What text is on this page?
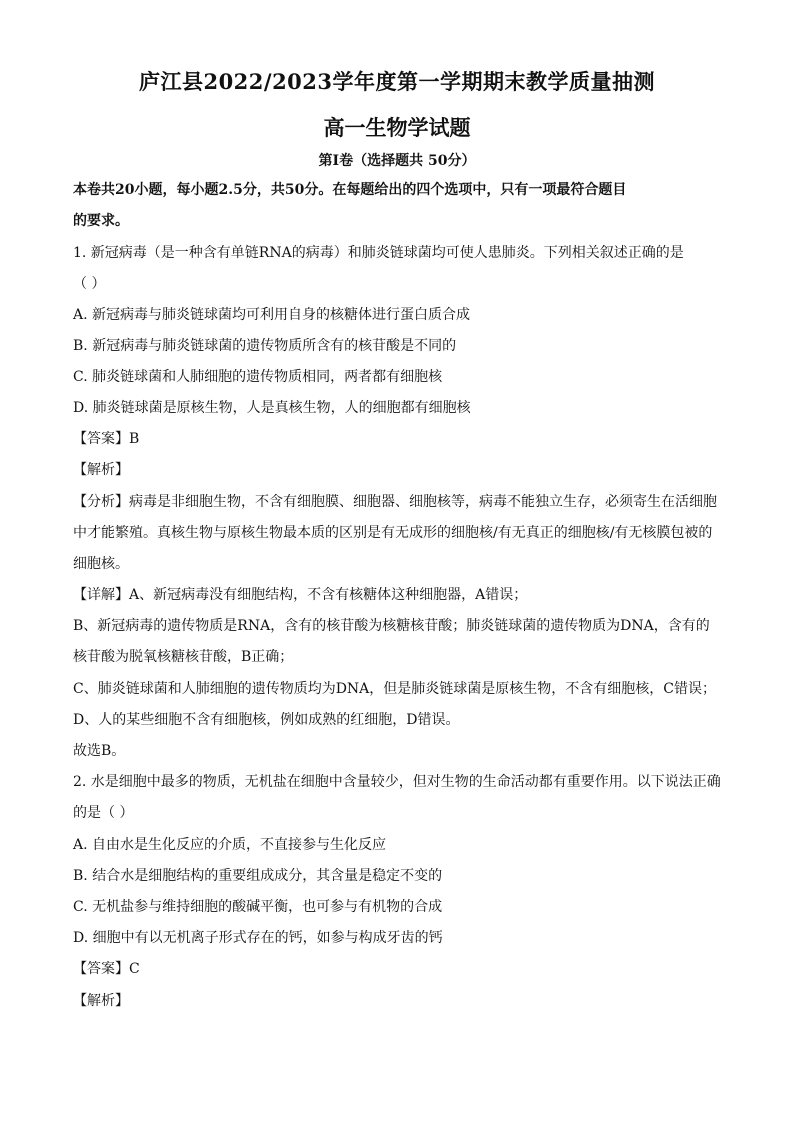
庐江县2022/2023学年度第一学期期末教学质量抽测
高一生物学试题
第I卷（选择题共 50分）
本卷共20小题，每小题2.5分，共50分。在每题给出的四个选项中，只有一项最符合题目
的要求。
1. 新冠病毒（是一种含有单链RNA的病毒）和肺炎链球菌均可使人患肺炎。下列相关叙述正确的是
（ ）
A. 新冠病毒与肺炎链球菌均可利用自身的核糖体进行蛋白质合成
B. 新冠病毒与肺炎链球菌的遗传物质所含有的核苷酸是不同的
C. 肺炎链球菌和人肺细胞的遗传物质相同，两者都有细胞核
D. 肺炎链球菌是原核生物，人是真核生物，人的细胞都有细胞核
【答案】B
【解析】
【分析】病毒是非细胞生物，不含有细胞膜、细胞器、细胞核等，病毒不能独立生存，必须寄生在活细胞
中才能繁殖。真核生物与原核生物最本质的区别是有无成形的细胞核/有无真正的细胞核/有无核膜包被的
细胞核。
【详解】A、新冠病毒没有细胞结构，不含有核糖体这种细胞器，A错误；
B、新冠病毒的遗传物质是RNA，含有的核苷酸为核糖核苷酸；肺炎链球菌的遗传物质为DNA，含有的
核苷酸为脱氧核糖核苷酸，B正确；
C、肺炎链球菌和人肺细胞的遗传物质均为DNA，但是肺炎链球菌是原核生物，不含有细胞核，C错误；
D、人的某些细胞不含有细胞核，例如成熟的红细胞，D错误。
故选B。
2. 水是细胞中最多的物质，无机盐在细胞中含量较少，但对生物的生命活动都有重要作用。以下说法正确
的是（ ）
A. 自由水是生化反应的介质，不直接参与生化反应
B. 结合水是细胞结构的重要组成成分，其含量是稳定不变的
C. 无机盐参与维持细胞的酸碱平衡，也可参与有机物的合成
D. 细胞中有以无机离子形式存在的钙，如参与构成牙齿的钙
【答案】C
【解析】
